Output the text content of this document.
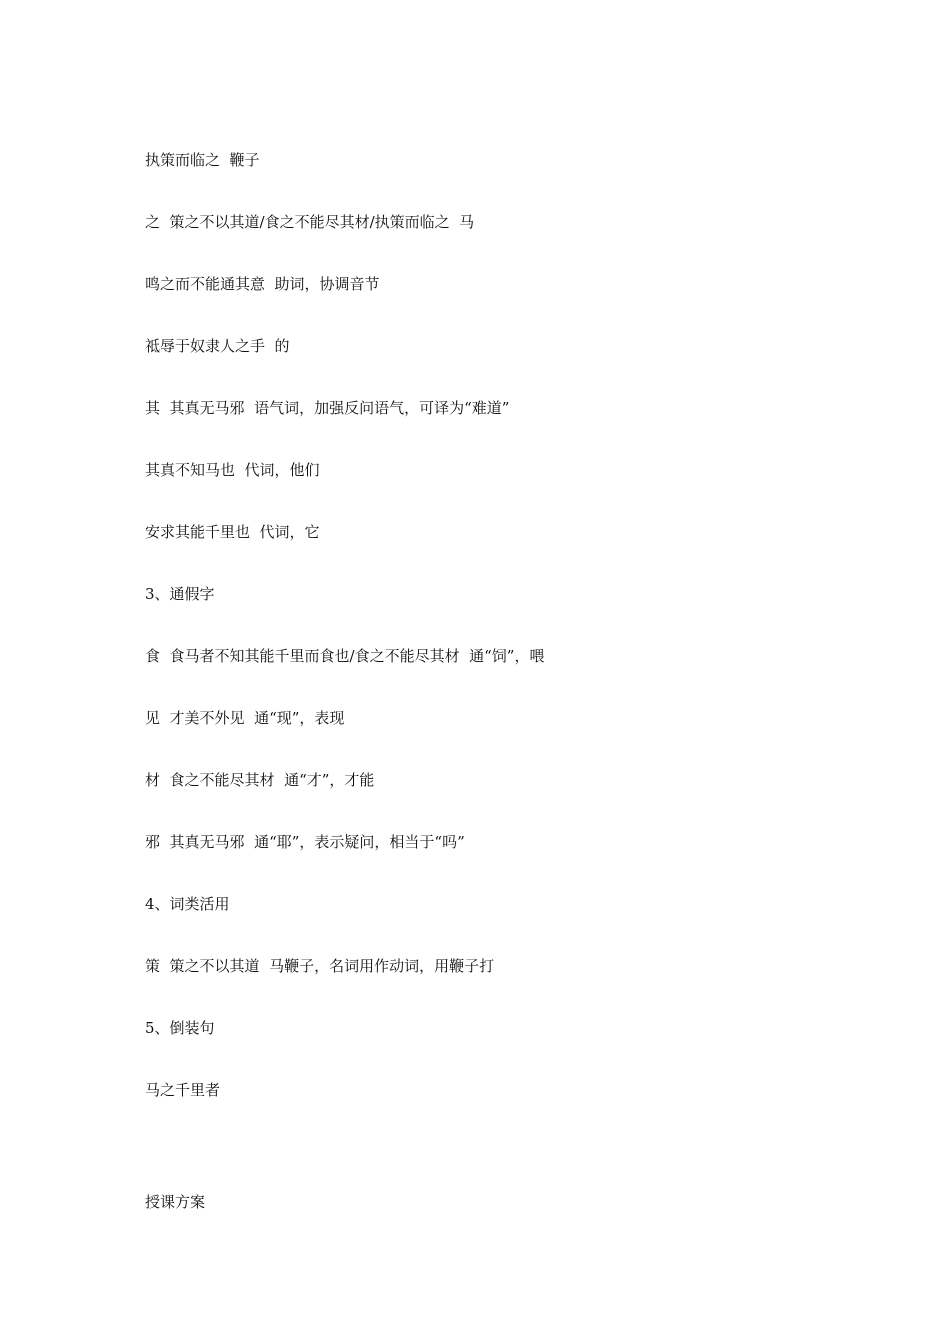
执策而临之  鞭子
之  策之不以其道/食之不能尽其材/执策而临之  马
鸣之而不能通其意  助词，协调音节
祗辱于奴隶人之手  的
其  其真无马邪  语气词，加强反问语气，可译为“难道”
其真不知马也  代词，他们
安求其能千里也  代词，它
3、通假字
食  食马者不知其能千里而食也/食之不能尽其材  通“饲”，喂
见  才美不外见  通“现”，表现
材  食之不能尽其材  通“才”，才能
邪  其真无马邪  通“耶”，表示疑问，相当于“吗”
4、词类活用
策  策之不以其道  马鞭子，名词用作动词，用鞭子打
5、倒装句
马之千里者
授课方案
